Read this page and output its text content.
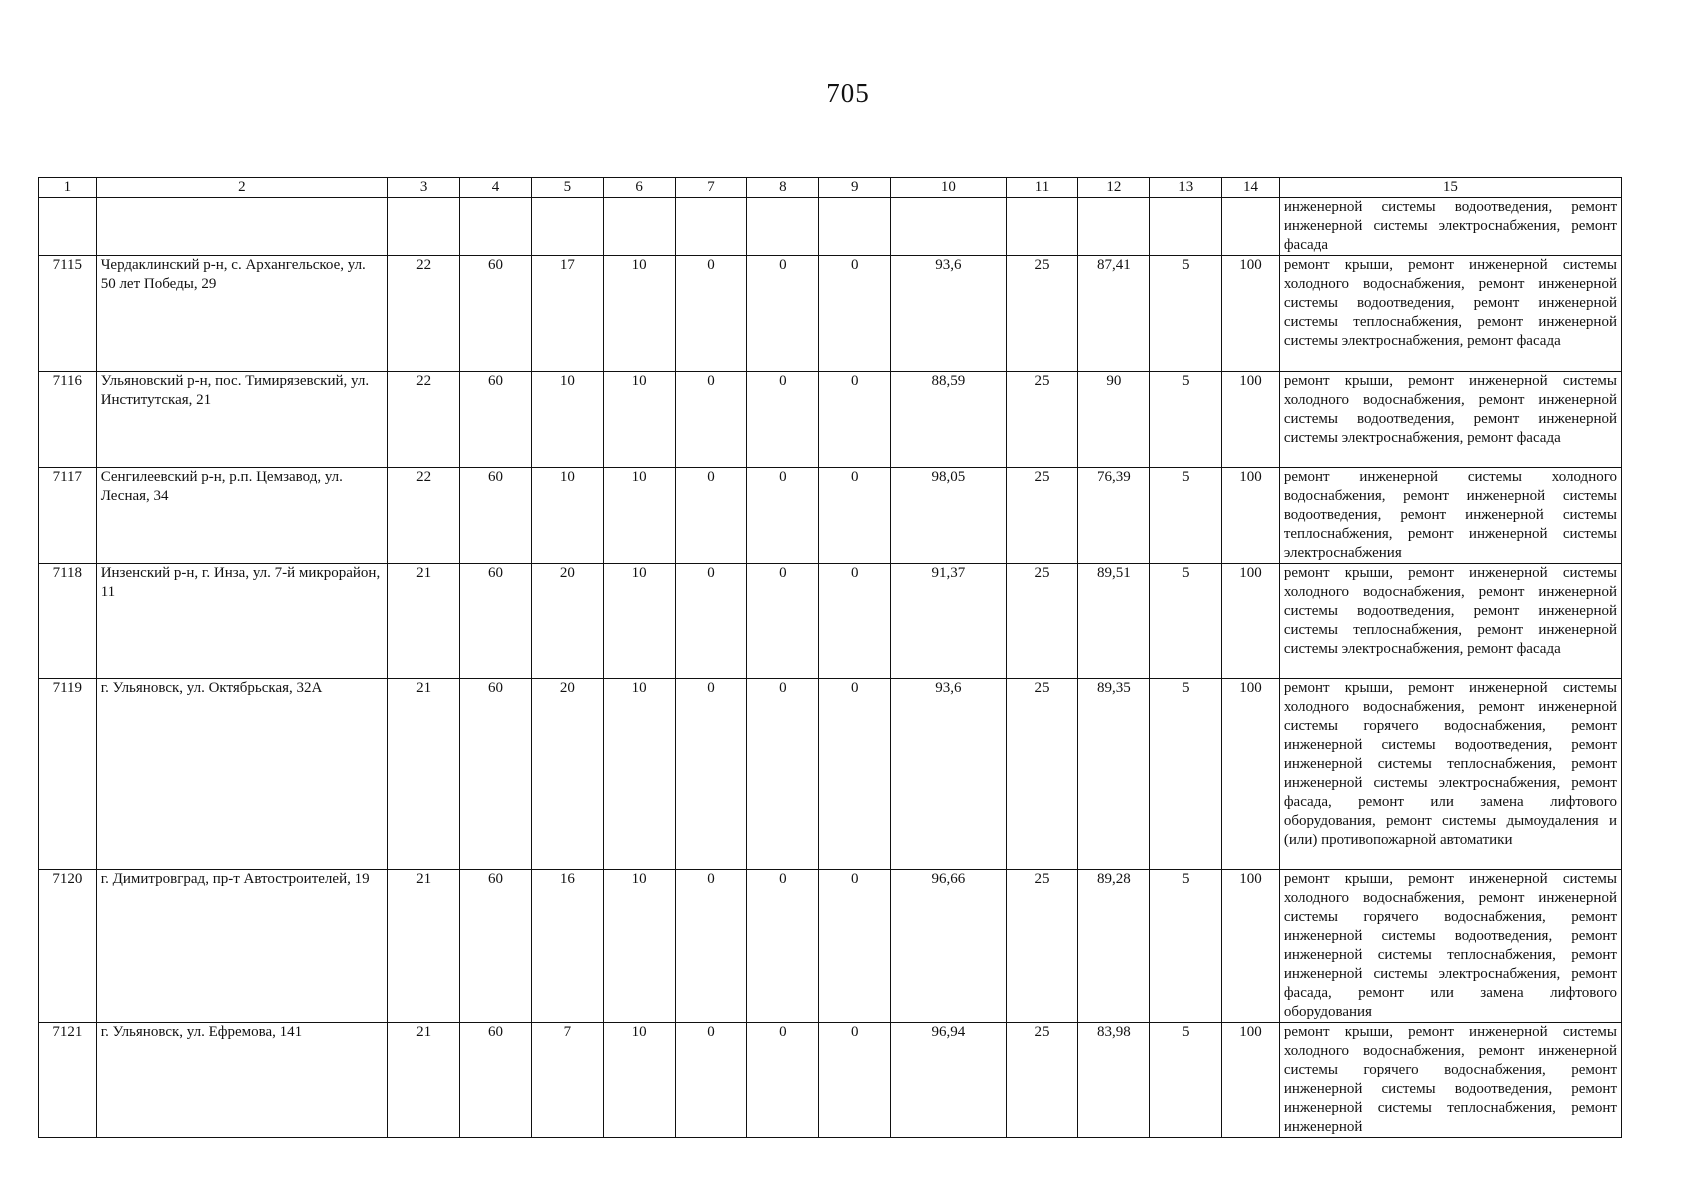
705
1	2	3	4	5	6	7	8	9	10	11	12	13	14	15
														инженерной системы водоотведения, ремонт инженерной системы электроснабжения, ремонт фасада
7115	Чердаклинский р-н, с. Архангельское, ул. 50 лет Победы, 29	22	60	17	10	0	0	0	93,6	25	87,41	5	100	ремонт крыши, ремонт инженерной системы холодного водоснабжения, ремонт инженерной системы водоотведения, ремонт инженерной системы теплоснабжения, ремонт инженерной системы электроснабжения, ремонт фасада
7116	Ульяновский р-н, пос. Тимирязевский, ул. Институтская, 21	22	60	10	10	0	0	0	88,59	25	90	5	100	ремонт крыши, ремонт инженерной системы холодного водоснабжения, ремонт инженерной системы водоотведения, ремонт инженерной системы электроснабжения, ремонт фасада
7117	Сенгилеевский р-н, р.п. Цемзавод, ул. Лесная, 34	22	60	10	10	0	0	0	98,05	25	76,39	5	100	ремонт инженерной системы холодного водоснабжения, ремонт инженерной системы водоотведения, ремонт инженерной системы теплоснабжения, ремонт инженерной системы электроснабжения
7118	Инзенский р-н, г. Инза, ул. 7-й микрорайон, 11	21	60	20	10	0	0	0	91,37	25	89,51	5	100	ремонт крыши, ремонт инженерной системы холодного водоснабжения, ремонт инженерной системы водоотведения, ремонт инженерной системы теплоснабжения, ремонт инженерной системы электроснабжения, ремонт фасада
7119	г. Ульяновск, ул. Октябрьская, 32А	21	60	20	10	0	0	0	93,6	25	89,35	5	100	ремонт крыши, ремонт инженерной системы холодного водоснабжения, ремонт инженерной системы горячего водоснабжения, ремонт инженерной системы водоотведения, ремонт инженерной системы теплоснабжения, ремонт инженерной системы электроснабжения, ремонт фасада, ремонт или замена лифтового оборудования, ремонт системы дымоудаления и (или) противопожарной автоматики
7120	г. Димитровград, пр-т Автостроителей, 19	21	60	16	10	0	0	0	96,66	25	89,28	5	100	ремонт крыши, ремонт инженерной системы холодного водоснабжения, ремонт инженерной системы горячего водоснабжения, ремонт инженерной системы водоотведения, ремонт инженерной системы теплоснабжения, ремонт инженерной системы электроснабжения, ремонт фасада, ремонт или замена лифтового оборудования
7121	г. Ульяновск, ул. Ефремова, 141	21	60	7	10	0	0	0	96,94	25	83,98	5	100	ремонт крыши, ремонт инженерной системы холодного водоснабжения, ремонт инженерной системы горячего водоснабжения, ремонт инженерной системы водоотведения, ремонт инженерной системы теплоснабжения, ремонт инженерной
